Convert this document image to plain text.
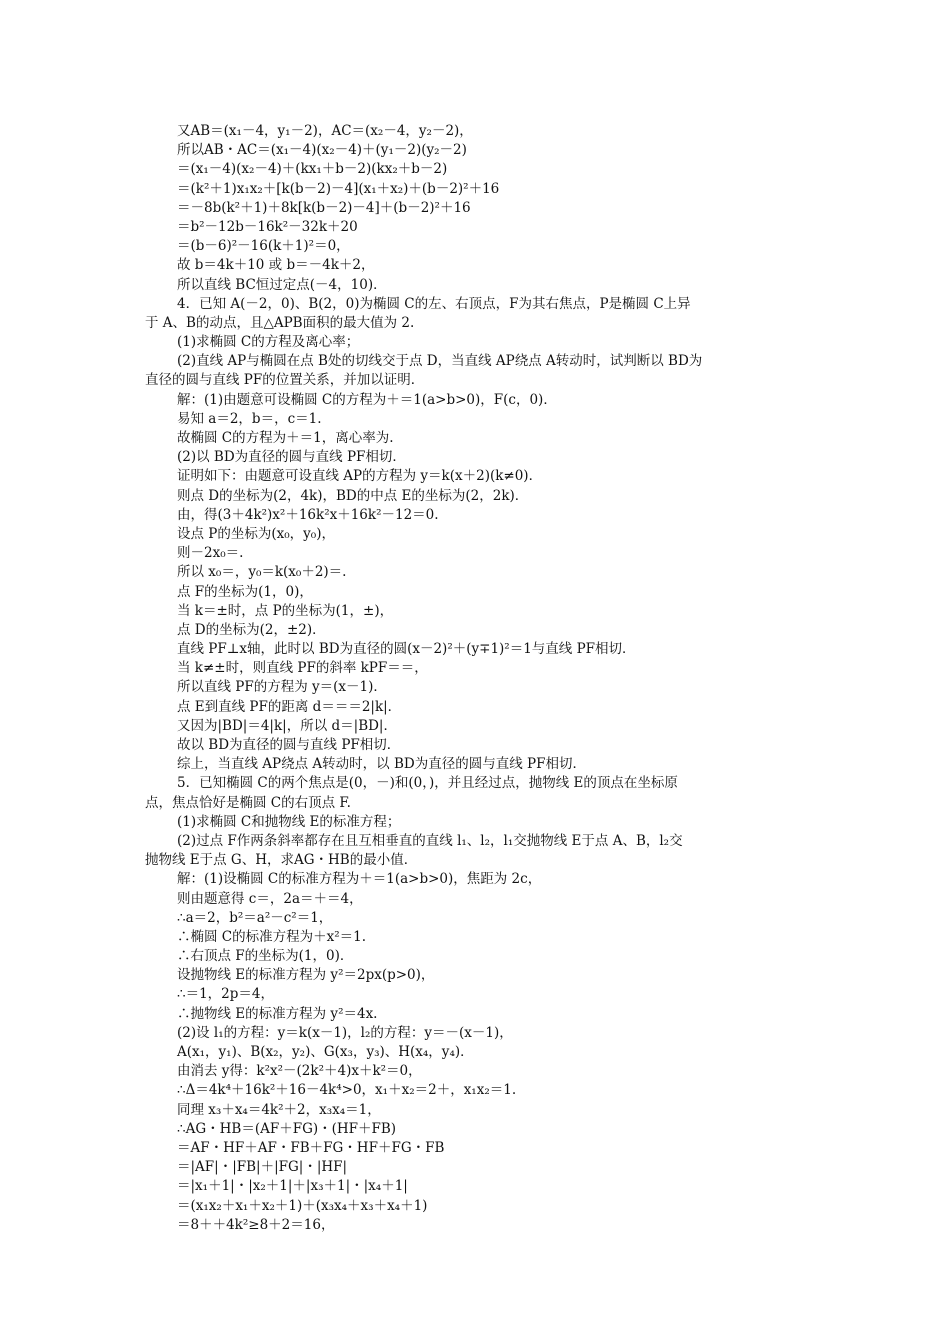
又AB＝(x₁－4，y₁－2)，AC＝(x₂－4，y₂－2)，
所以AB・AC＝(x₁－4)(x₂－4)＋(y₁－2)(y₂－2)
＝(x₁－4)(x₂－4)＋(kx₁＋b－2)(kx₂＋b－2)
＝(k²＋1)x₁x₂＋[k(b－2)－4](x₁＋x₂)＋(b－2)²＋16
＝－8b(k²＋1)＋8k[k(b－2)－4]＋(b－2)²＋16
＝b²－12b－16k²－32k＋20
＝(b－6)²－16(k＋1)²＝0，
故 b＝4k＋10 或 b＝－4k＋2，
所以直线 BC恒过定点(－4，10)．
4．已知 A(－2，0)、B(2，0)为椭圆 C的左、右顶点，F为其右焦点，P是椭圆 C上异
于 A、B的动点，且△APB面积的最大值为 2.
(1)求椭圆 C的方程及离心率；
(2)直线 AP与椭圆在点 B处的切线交于点 D，当直线 AP绕点 A转动时，试判断以 BD为
直径的圆与直线 PF的位置关系，并加以证明．
解：(1)由题意可设椭圆 C的方程为＋＝1(a>b>0)，F(c，0)．
易知 a＝2，b＝，c＝1.
故椭圆 C的方程为＋＝1，离心率为.
(2)以 BD为直径的圆与直线 PF相切．
证明如下：由题意可设直线 AP的方程为 y＝k(x＋2)(k≠0)．
则点 D的坐标为(2，4k)，BD的中点 E的坐标为(2，2k)．
由，得(3＋4k²)x²＋16k²x＋16k²－12＝0.
设点 P的坐标为(x₀，y₀)，
则－2x₀＝.
所以 x₀＝，y₀＝k(x₀＋2)＝.
点 F的坐标为(1，0)，
当 k＝±时，点 P的坐标为(1，±)，
点 D的坐标为(2，±2)．
直线 PF⊥x轴，此时以 BD为直径的圆(x－2)²＋(y∓1)²＝1与直线 PF相切．
当 k≠±时，则直线 PF的斜率 kPF＝＝，
所以直线 PF的方程为 y＝(x－1)．
点 E到直线 PF的距离 d＝＝＝2|k|．
又因为|BD|＝4|k|，所以 d＝|BD|．
故以 BD为直径的圆与直线 PF相切．
综上，当直线 AP绕点 A转动时，以 BD为直径的圆与直线 PF相切．
5．已知椭圆 C的两个焦点是(0，－)和(0，)，并且经过点，抛物线 E的顶点在坐标原
点，焦点恰好是椭圆 C的右顶点 F.
(1)求椭圆 C和抛物线 E的标准方程；
(2)过点 F作两条斜率都存在且互相垂直的直线 l₁、l₂，l₁交抛物线 E于点 A、B，l₂交
抛物线 E于点 G、H，求AG・HB的最小值．
解：(1)设椭圆 C的标准方程为＋＝1(a>b>0)，焦距为 2c，
则由题意得 c＝，2a＝＋＝4，
∴a＝2，b²＝a²－c²＝1，
∴椭圆 C的标准方程为＋x²＝1.
∴右顶点 F的坐标为(1，0)．
设抛物线 E的标准方程为 y²＝2px(p>0)，
∴＝1，2p＝4，
∴抛物线 E的标准方程为 y²＝4x.
(2)设 l₁的方程：y＝k(x－1)，l₂的方程：y＝－(x－1)，
A(x₁，y₁)、B(x₂，y₂)、G(x₃，y₃)、H(x₄，y₄)．
由消去 y得：k²x²－(2k²＋4)x＋k²＝0，
∴Δ＝4k⁴＋16k²＋16－4k⁴>0，x₁＋x₂＝2＋，x₁x₂＝1.
同理 x₃＋x₄＝4k²＋2，x₃x₄＝1，
∴AG・HB＝(AF＋FG)・(HF＋FB)
＝AF・HF＋AF・FB＋FG・HF＋FG・FB
＝|AF|・|FB|＋|FG|・|HF|
＝|x₁＋1|・|x₂＋1|＋|x₃＋1|・|x₄＋1|
＝(x₁x₂＋x₁＋x₂＋1)＋(x₃x₄＋x₃＋x₄＋1)
＝8＋＋4k²≥8＋2＝16，
